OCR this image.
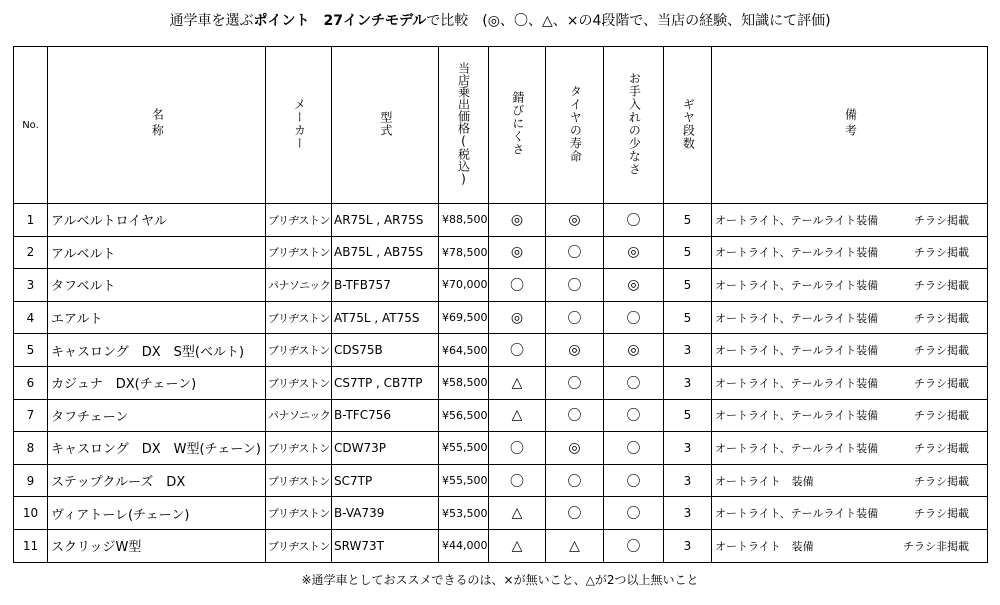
通学車を選ぶポイント　27インチモデルで比較　(◎、〇、△、×の4段階で、当店の経験、知識にて評価)
No.	名称	メーカー	型式	当店乗出価格(税込)	錆びにくさ	タイヤの寿命	お手入れの少なさ	ギヤ段数	備考
1	アルベルトロイヤル	ブリヂストン	AR75L , AR75S	¥88,500	◎	◎	〇	5	オートライト、テールライト装備 チラシ掲載

2	アルベルト	ブリヂストン	AB75L , AB75S	¥78,500	◎	〇	◎	5	オートライト、テールライト装備 チラシ掲載

3	タフベルト	パナソニック	B-TFB757	¥70,000	〇	〇	◎	5	オートライト、テールライト装備 チラシ掲載

4	エアルト	ブリヂストン	AT75L , AT75S	¥69,500	◎	〇	〇	5	オートライト、テールライト装備 チラシ掲載

5	キャスロング　DX　S型(ベルト)	ブリヂストン	CDS75B	¥64,500	〇	◎	◎	3	オートライト、テールライト装備 チラシ掲載

6	カジュナ　DX(チェーン)	ブリヂストン	CS7TP , CB7TP	¥58,500	△	〇	〇	3	オートライト、テールライト装備 チラシ掲載

7	タフチェーン	パナソニック	B-TFC756	¥56,500	△	〇	〇	5	オートライト、テールライト装備 チラシ掲載

8	キャスロング　DX　W型(チェーン)	ブリヂストン	CDW73P	¥55,500	〇	◎	〇	3	オートライト、テールライト装備 チラシ掲載

9	ステップクルーズ　DX	ブリヂストン	SC7TP	¥55,500	〇	〇	〇	3	オートライト　装備 チラシ掲載

10	ヴィアトーレ(チェーン)	ブリヂストン	B-VA739	¥53,500	△	〇	〇	3	オートライト、テールライト装備 チラシ掲載

11	スクリッジW型	ブリヂストン	SRW73T	¥44,000	△	△	〇	3	オートライト　装備 チラシ非掲載
※通学車としておススメできるのは、×が無いこと、△が2つ以上無いこと
